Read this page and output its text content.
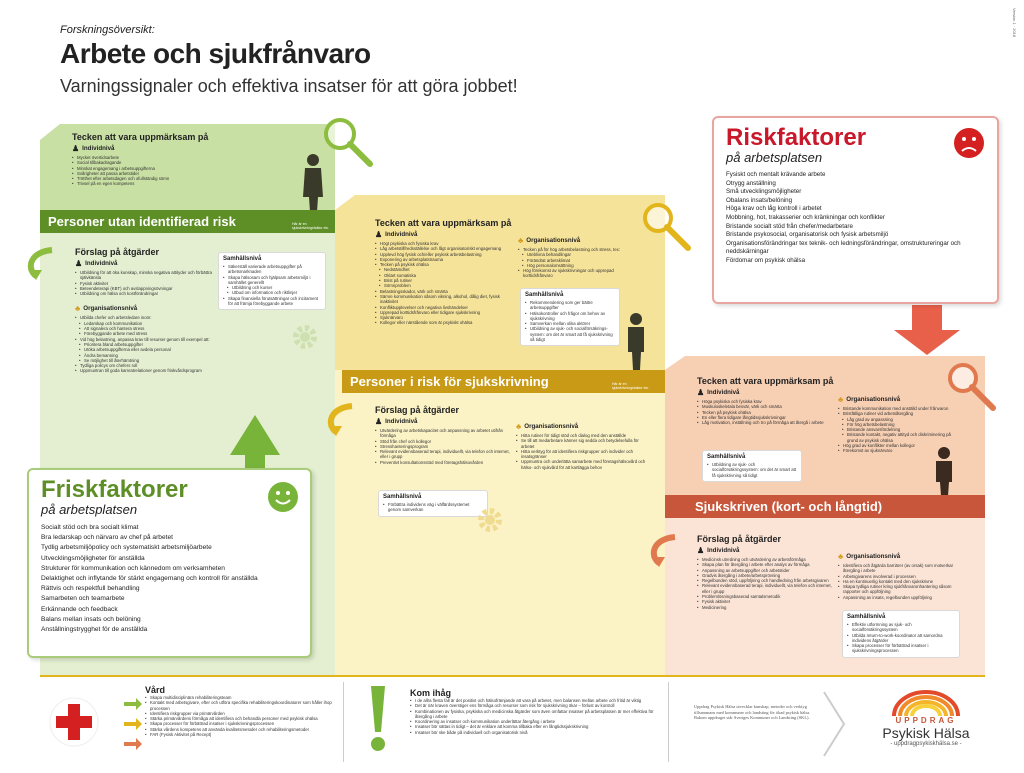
Forskningsöversikt:
Arbete och sjukfrånvaro
Varningssignaler och effektiva insatser för att göra jobbet!
Version 1 · 2018
Tecken att vara uppmärksam på
♟ Individnivå
• Mycket övertidsarbete
• Social tillbakadragande
• Minskat engagemang i arbetsuppgifterna
• Svårigheter att passa arbetstider
• Trötthet efter arbetsdagen och ofullständig sömn
• Trivsel på en egen kompetens
Personer utan identifierad risk	Här är en sjukskrivningsfaktor etc.
Förslag på åtgärder
♟ Individnivå
• Utbildning för att öka kunskap, minska negativa attityder och förbättra självkänsla
• Fysisk aktivitet
• Beteendeterapi (KBT) och avslappningsövningar
• Utbildning om hälsa och kostförändringar
♣ Organisationsnivå
• Utbilda chefer och arbetsledare inom:
• Ledarskap och kommunikation
• Att signalera och hantera stress
• Förebyggande arbete med stress
• Vid hög belastning, anpassa krav till resurser genom till exempel att:
• Prioritera bland arbetsuppgifter
• Utöka arbetsuppgifterna eller avdela personal
• Ändra bemanning
• Se möjlighet till återhämtning
• Tydliga policys om chefers roll
• Uppmuntran till goda kamratrelationer genom friskvårdsprogram
Samhällsnivå
• Säkerställ varierade arbetsuppgifter på arbetsmarknaden
• Skapa hälsosam och hjälpsam arbetsmiljö i samhället generellt
• Utbildning och kurser
• Utbud om information och riktlinjer
• Skapa finansiella förutsättningar och incitament för att främja förebyggande arbete
Riskfaktorer
på arbetsplatsen
Fysiskt och mentalt krävande arbete
Otrygg anställning
Små utvecklingsmöjligheter
Obalans insats/belöning
Höga krav och låg kontroll i arbetet
Mobbning, hot, trakasserier och kränkningar och konflikter
Bristande socialt stöd från chefer/medarbetare
Bristande psykosocial, organisatorisk och fysisk arbetsmiljö
Organisationsförändringar tex teknik- och ledningsförändringar, omstruktureringar och neddskärningar
Fördomar om psykisk ohälsa
Tecken att vara uppmärksam på
♟ Individnivå
• Högt psykiska och fysiska krav
• Låg arbetstillfredsställelse och lågt organisatoriskt engagemang
• Upplevd hög fysisk och/eller psykisk arbetsbelastning
• Exponering av arbetsplatstrauma
• Tecken på psykisk ohälsa
• Nedstämdhet
• Oklart somatiska
• Brist på rutiner
• Sömnproblem
• Belastningsskador, värk och smärta
• Sämre kommunikation såsom vikning, alkohol, dålig diet, fysisk inaktivitet
• Konfliktupplevelser och negativa livshändelser
• Upprepad korttidsfrånvaro eller tidigare sjukskrivning
• Sjuknärvaro
• Kollegor eller närstående som är psykiskt ohälsa
♣ Organisationsnivå
• Tecken på för hög arbetsbelastning och stress, tex:
• Uteblivna behandlingar
• Förändrat arbetsklimat
• Hög personalomsättning
• Hög förekomst av sjukskrivningar och upprepad korttidsfrånvaro
Samhällsnivå
• Rekommendering som ger bättre arbetsuppgifter
• Hälsokontroller och frågor om behov av sjukskrivning
• Samverkan mellan olika aktörer
• Utbildning av sjuk- och socialförsäkrings-system: om det är smart att få sjukskrivning så tidigt
Personer i risk för sjukskrivning	Här är en sjukskrivningsfaktor etc.
Förslag på åtgärder
♟ Individnivå
• Utvärdering av arbetskapacitet och anpassning av arbetet utifrån förmåga
• Stöd från chef och kollegor
• Stresshanteringsprogram
• Relevant evidensbaserad terapi, individuellt, via telefon och internet, eller i grupp
• Preventivt konsultationsstöd med företagshälsovården
♣ Organisationsnivå
• Hitta rutiner för tidigt stöd och dialog med den anställde
• Se till att medarbetare känner sig sedda och betydelsefulla för arbetet
• Hitta verktyg för att identifiera riskgrupper och individer och insatsgränser
• Uppmuntra och underlätta samarbete med företagshälsovård och hälso- och sjukvård för att kartlägga behov
Samhällsnivå
• Förbättra individens väg i välfärdssystemet genom samverkan
Tecken att vara uppmärksam på
♟ Individnivå
• Höga psykiska och fysiska krav
• Muskuloskeletala besvär, värk och smärta
• Tecken på psykisk ohälsa
• En eller flera tidigare långtidssjukskrivningar
• Låg motivation, inställning och tro på förmåga att återgå i arbete
♣ Organisationsnivå
• Bristande kommunikation med anställd under frånvaron
• Bristfälliga rutiner vid arbetsåtergång
• Låg grad av anpassning
• För hög arbetsbelastning
• Bristande ansvarsfördelning
• Bristande kontakt, negativ attityd och diskriminering på grund av psykisk ohälsa
• Hög grad av konflikter mellan kollegor
• Förekomst av sjuknärvaro
Samhällsnivå
• Utbildning av sjuk- och socialförsäkringssystem: om det är smart att få sjukskrivning så tidigt
Sjukskriven (kort- och långtid)
Förslag på åtgärder
♟ Individnivå
• Medicinsk utredning och utvärdering av arbetsförmåga
• Skapa plan för återgång i arbete efter analys av förmåga
• Anpassning av arbetsuppgifter och arbetstider
• Gradvis återgång i arbete/arbetsprövning
• Regelbunden stöd, uppföljning och handledning från arbetsgivaren
• Relevant evidensbaserad terapi, individuellt, via telefon och internet, eller i grupp
• Problemlösningsbaserad samtalsmetodik
• Fysisk aktivitet
• Medicinering
♣ Organisationsnivå
• Identifiera och åtgärda barriärer (av orsak) som motverkar återgång i arbete
• Arbetsgivarens involverad i processen
• Ha en kontinuerlig kontakt med den sjukskrivne
• Skapa tydliga rutiner kring sjukfrånvaronhantering såsom rapporter och uppföljning
• Anpassning av insats, regelbunden uppföljning
Samhällsnivå
• Effektiv utformning av sjuk- och socialförsäkringssystem
• Utbilda return-to-work-koordinator att samordna individens åtgärder
• Skapa processer för förbättrad insatser i sjukskrivningsprocessen
Friskfaktorer
på arbetsplatsen
Socialt stöd och bra socialt klimat
Bra ledarskap och närvaro av chef på arbetet
Tydlig arbetsmiljöpolicy och systematiskt arbetsmiljöarbete
Utvecklingsmöjligheter för anställda
Strukturer för kommunikation och kännedom om verksamheten
Delaktighet och inflytande för stärkt engagemang och kontroll för anställda
Rättvis och respektfull behandling
Samarbeten och teamarbete
Erkännande och feedback
Balans mellan insats och belöning
Anställningstrygghet för de anställda
Vård
• Skapa multidisciplinära rehabiliteringsteam
• Kontakt med arbetsgivare, efter och utföra specifika rehabiliteringskoordinatorer som håller ihop processen
• Identifiera riskgrupper via primärvården
• Stärka primärvårdens förmåga att identifiera och behandla personer med psykisk ohälsa
• Skapa processer för förbättrad insatser i sjukskrivningsprocessen
• Stärka vårdens kompetens att använda kvalitetsmetoder och rehabiliteringsmetoder
• FAR (Fysisk Aktivitet på Recept)
Kom ihåg
• I de allra flesta fall är det positivt och hälsofrämjande att vara på arbetet, men balansen mellan arbete och fritid är viktig
• Det är när kraven överstiger ens förmåga och resurser som risk för sjukskrivning ökar – förlust av kontroll
• Kombinationen av fysiska, psykiska och medicinska åtgärder som även omfattar insatser på arbetsplatsen är mer effektiva för återgång i arbete
• Koordinering av insatser och kommunikation underlättar återgång i arbete
• Insatser bör sättas in tidigt – det är enklare att komma tillbaka efter en långtidssjukskrivning
• Insatser bör ske både på individuell och organisatorisk nivå
Uppdrag Psykisk Hälsa utvecklar kunskap, metoder och verktyg tillsammans med kommuner och landsting för ökad psykisk hälsa. Bakom uppdraget står Sveriges Kommuner och Landsting (SKL).	UPPDRAG
Psykisk Hälsa
- uppdragpsykiskhälsa.se -
